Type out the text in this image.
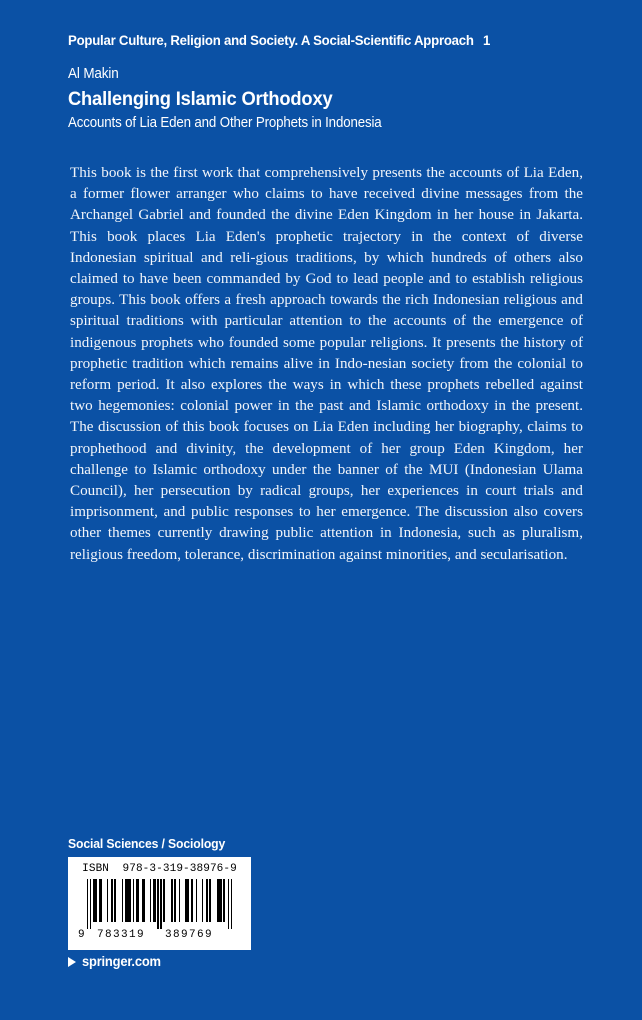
Popular Culture, Religion and Society. A Social-Scientific Approach 1
Al Makin
Challenging Islamic Orthodoxy
Accounts of Lia Eden and Other Prophets in Indonesia
This book is the first work that comprehensively presents the accounts of Lia Eden, a former flower arranger who claims to have received divine messages from the Archangel Gabriel and founded the divine Eden Kingdom in her house in Jakarta. This book places Lia Eden's prophetic trajectory in the context of diverse Indonesian spiritual and reli-gious traditions, by which hundreds of others also claimed to have been commanded by God to lead people and to establish religious groups. This book offers a fresh approach towards the rich Indonesian religious and spiritual traditions with particular attention to the accounts of the emergence of indigenous prophets who founded some popular religions. It presents the history of prophetic tradition which remains alive in Indo-nesian society from the colonial to reform period. It also explores the ways in which these prophets rebelled against two hegemonies: colonial power in the past and Islamic orthodoxy in the present. The discussion of this book focuses on Lia Eden including her biography, claims to prophethood and divinity, the development of her group Eden Kingdom, her challenge to Islamic orthodoxy under the banner of the MUI (Indonesian Ulama Council), her persecution by radical groups, her experiences in court trials and imprisonment, and public responses to her emergence. The discussion also covers other themes currently drawing public attention in Indonesia, such as pluralism, religious freedom, tolerance, discrimination against minorities, and secularisation.
Social Sciences / Sociology
ISBN 978-3-319-38976-9
9 783319 389769
springer.com
